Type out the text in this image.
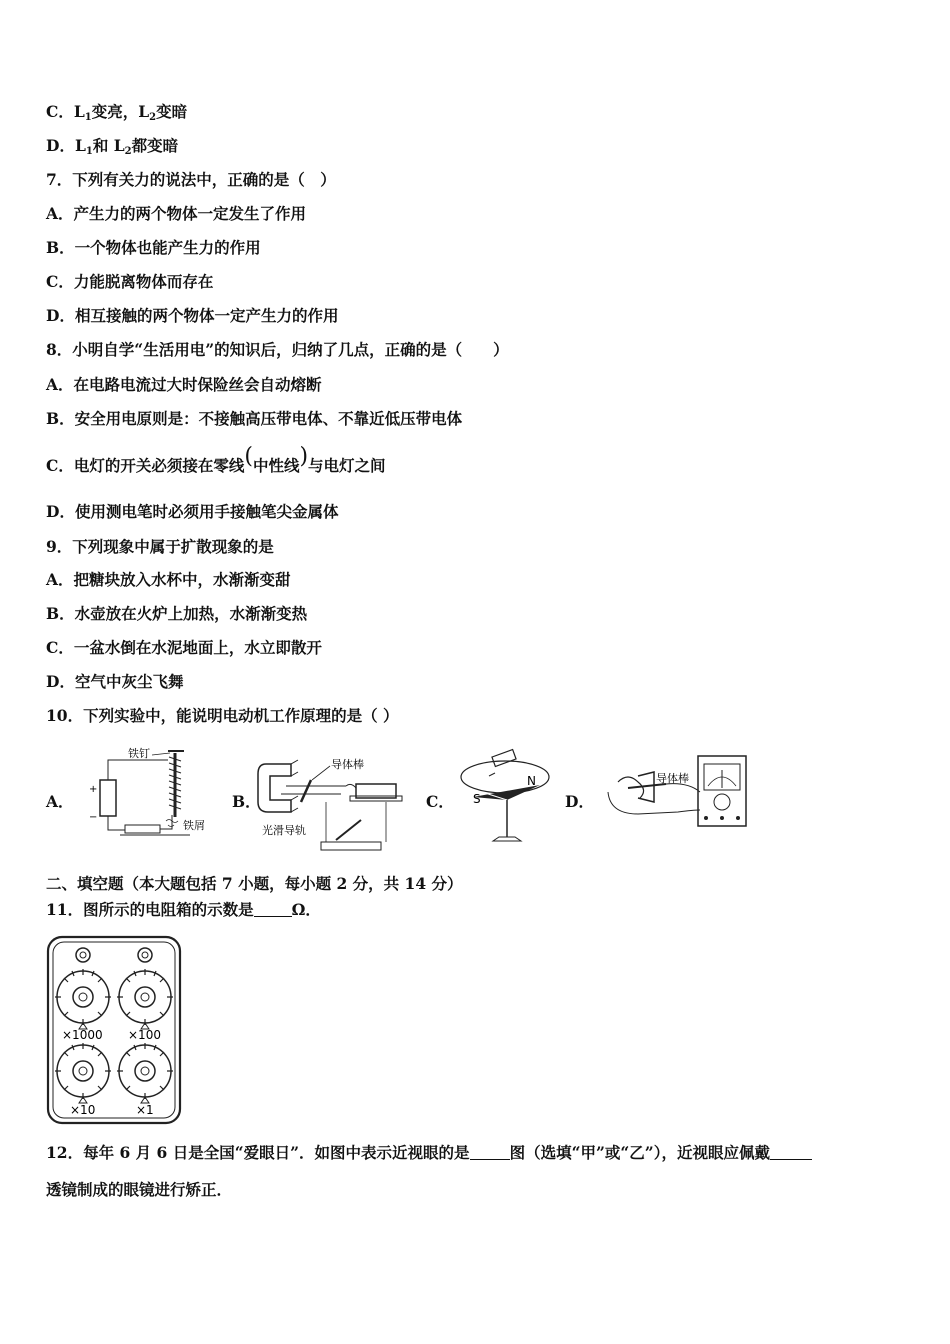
C．$L_1$变亮，$L_2$变暗
D．$L_1$和 $L_2$都变暗
7．下列有关力的说法中，正确的是（　）
A．产生力的两个物体一定发生了作用
B．一个物体也能产生力的作用
C．力能脱离物体而存在
D．相互接触的两个物体一定产生力的作用
8．小明自学“生活用电”的知识后，归纳了几点，正确的是（　　）
A．在电路电流过大时保险丝会自动熔断
B．安全用电原则是：不接触高压带电体、不靠近低压带电体
C．电灯的开关必须接在零线(中性线)与电灯之间
D．使用测电笔时必须用手接触笔尖金属体
9．下列现象中属于扩散现象的是
A．把糖块放入水杯中，水渐渐变甜
B．水壶放在火炉上加热，水渐渐变热
C．一盆水倒在水泥地面上，水立即散开
D．空气中灰尘飞舞
10．下列实验中，能说明电动机工作原理的是（ ）
A．	B．	C．	D．
+
−
铁钉
铁屑
导体棒
光滑导轨
S
N	导体棒
二、填空题（本大题包括 7 小题，每小题 2 分，共 14 分）
11．图所示的电阻箱的示数是 Ω．
×1000 ×100
×10	×1
12．每年 6 月 6 日是全国“爱眼日”．如图中表示近视眼的是	图（选填“甲”或“乙”），近视眼应佩戴
透镜制成的眼镜进行矫正．
